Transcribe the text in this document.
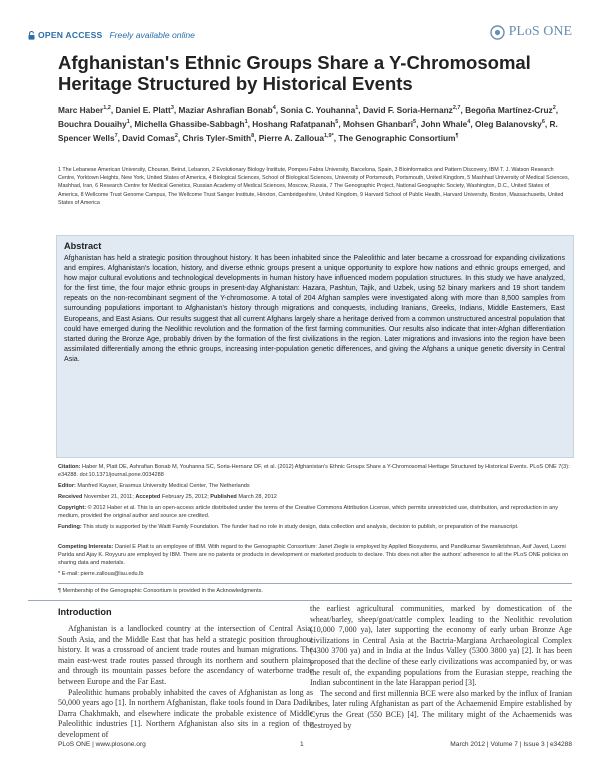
OPEN ACCESS Freely available online	PLoS ONE
Afghanistan's Ethnic Groups Share a Y-Chromosomal Heritage Structured by Historical Events
Marc Haber$^{1,2}$, Daniel E. Platt$^3$, Maziar Ashrafian Bonab$^4$, Sonia C. Youhanna$^1$, David F. Soria-Hernanz$^{2,7}$, Begoña Martínez-Cruz$^2$, Bouchra Douaihy$^1$, Michella Ghassibe-Sabbagh$^1$, Hoshang Rafatpanah$^5$, Mohsen Ghanbari$^5$, John Whale$^4$, Oleg Balanovsky$^6$, R. Spencer Wells$^7$, David Comas$^2$, Chris Tyler-Smith$^8$, Pierre A. Zalloua$^{1,9*}$, The Genographic Consortium¶
1 The Lebanese American University, Chouran, Beirut, Lebanon, 2 Evolutionary Biology Institute, Pompeu Fabra University, Barcelona, Spain, 3 Bioinformatics and Pattern Discovery, IBM T. J. Watson Research Centre, Yorktown Heights, New York, United States of America, 4 Biological Sciences, School of Biological Sciences, University of Portsmouth, Portsmouth, United Kingdom, 5 Mashhad University of Medical Sciences, Mashhad, Iran, 6 Research Centre for Medical Genetics, Russian Academy of Medical Sciences, Moscow, Russia, 7 The Genographic Project, National Geographic Society, Washington, D.C., United States of America, 8 Wellcome Trust Genome Campus, The Wellcome Trust Sanger Institute, Hinxton, Cambridgeshire, United Kingdom, 9 Harvard School of Public Health, Harvard University, Boston, Massachusetts, United States of America
Abstract
Afghanistan has held a strategic position throughout history. It has been inhabited since the Paleolithic and later became a crossroad for expanding civilizations and empires. Afghanistan's location, history, and diverse ethnic groups present a unique opportunity to explore how nations and ethnic groups emerged, and how major cultural evolutions and technological developments in human history have influenced modern population structures. In this study we have analyzed, for the first time, the four major ethnic groups in present-day Afghanistan: Hazara, Pashtun, Tajik, and Uzbek, using 52 binary markers and 19 short tandem repeats on the non-recombinant segment of the Y-chromosome. A total of 204 Afghan samples were investigated along with more than 8,500 samples from surrounding populations important to Afghanistan's history through migrations and conquests, including Iranians, Greeks, Indians, Middle Easterners, East Europeans, and East Asians. Our results suggest that all current Afghans largely share a heritage derived from a common unstructured ancestral population that could have emerged during the Neolithic revolution and the formation of the first farming communities. Our results also indicate that inter-Afghan differentiation started during the Bronze Age, probably driven by the formation of the first civilizations in the region. Later migrations and invasions into the region have been assimilated differentially among the ethnic groups, increasing inter-population genetic differences, and giving the Afghans a unique genetic diversity in Central Asia.
Citation: Haber M, Platt DE, Ashrafian Bonab M, Youhanna SC, Soria-Hernanz DF, et al. (2012) Afghanistan's Ethnic Groups Share a Y-Chromosomal Heritage Structured by Historical Events. PLoS ONE 7(3): e34288. doi:10.1371/journal.pone.0034288
Editor: Manfred Kayser, Erasmus University Medical Center, The Netherlands
Received November 21, 2011; Accepted February 25, 2012; Published March 28, 2012
Copyright: © 2012 Haber et al. This is an open-access article distributed under the terms of the Creative Commons Attribution License, which permits unrestricted use, distribution, and reproduction in any medium, provided the original author and source are credited.
Funding: This study is supported by the Waitt Family Foundation. The funder had no role in study design, data collection and analysis, decision to publish, or preparation of the manuscript.
Competing Interests: Daniel E Platt is an employee of IBM. With regard to the Genographic Consortium: Janet Ziegle is employed by Applied Biosystems, and Pandikumar Swamikrishnan, Asif Javed, Laxmi Parida and Ajay K. Royyuru are employed by IBM. There are no patents or products in development or marketed products to declare. This does not alter the authors' adherence to all the PLoS ONE policies on sharing data and materials.
* E-mail: pierre.zalloua@lau.edu.lb
¶ Membership of the Genographic Consortium is provided in the Acknowledgments.
Introduction

Afghanistan is a landlocked country at the intersection of Central Asia, South Asia, and the Middle East that has held a strategic position throughout history. It was a crossroad of ancient trade routes and human migrations. The main east-west trade routes passed through its northern and southern plains, and through its mountain passes before the ascendancy of waterborne trade between Europe and the Far East.

Paleolithic humans probably inhabited the caves of Afghanistan as long as 50,000 years ago [1]. In northern Afghanistan, flake tools found in Dara Dadil, Darra Chakhmakh, and elsewhere indicate the probable existence of Middle Paleolithic industries [1]. Northern Afghanistan also sits in a region of the development of

the earliest agricultural communities, marked by domestication of the wheat/barley, sheep/goat/cattle complex leading to the Neolithic revolution (10,000 7,000 ya), later supporting the economy of early urban Bronze Age civilizations in Central Asia at the Bactria-Margiana Archaeological Complex (4300 3700 ya) and in India at the Indus Valley (5300 3800 ya) [2]. It has been proposed that the decline of these early civilizations was accompanied by, or was the result of, the expanding populations from the Eurasian steppe, reaching the Indian subcontinent in the late Harappan period [3].

The second and first millennia BCE were also marked by the influx of Iranian tribes, later ruling Afghanistan as part of the Achaemenid Empire established by Cyrus the Great (550 BCE) [4]. The military might of the Achaemenids was destroyed by

PLoS ONE | www.plosone.org	1	March 2012 | Volume 7 | Issue 3 | e34288
